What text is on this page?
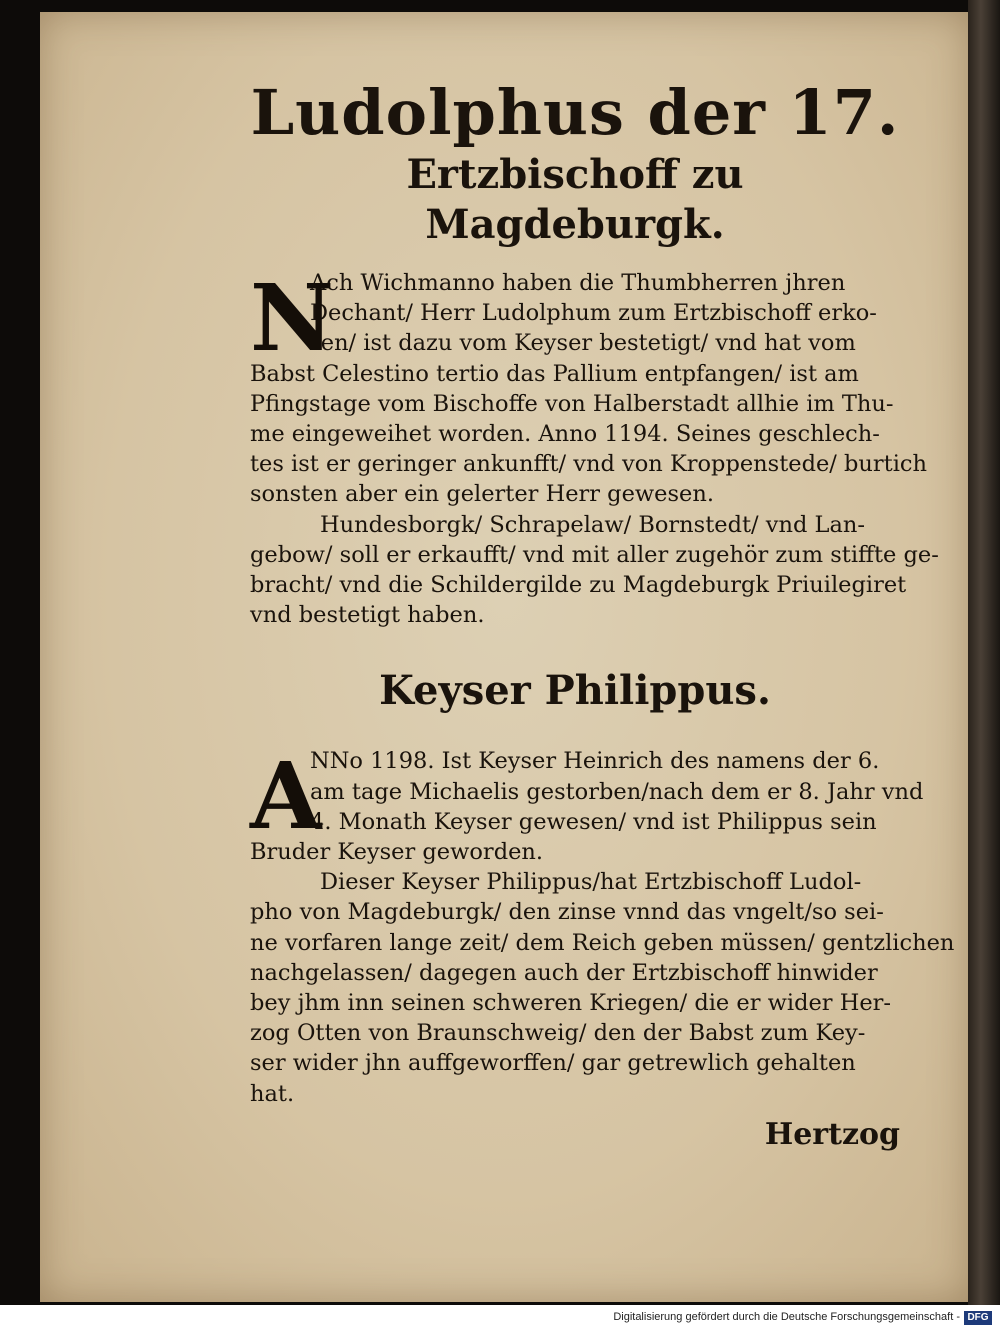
Ludolphus der 17.
Ertzbischoff zu Magdeburgk.
N
Ach Wichmanno haben die Thumbherren jhren
Dechant/ Herr Ludolphum zum Ertzbischoff erko-
ren/ ist dazu vom Keyser bestetigt/ vnd hat vom
Babst Celestino tertio das Pallium entpfangen/ ist am
Pfingstage vom Bischoffe von Halberstadt allhie im Thu-
me eingeweihet worden. Anno 1194. Seines geschlech-
tes ist er geringer ankunfft/ vnd von Kroppenstede/ burtich
sonsten aber ein gelerter Herr gewesen.
Hundesborgk/ Schrapelaw/ Bornstedt/ vnd Lan-
gebow/ soll er erkaufft/ vnd mit aller zugehör zum stiffte ge-
bracht/ vnd die Schildergilde zu Magdeburgk Priuilegiret
vnd bestetigt haben.
Keyser Philippus.
A
NNo 1198. Ist Keyser Heinrich des namens der 6.
am tage Michaelis gestorben/nach dem er 8. Jahr vnd
4. Monath Keyser gewesen/ vnd ist Philippus sein
Bruder Keyser geworden.
Dieser Keyser Philippus/hat Ertzbischoff Ludol-
pho von Magdeburgk/ den zinse vnnd das vngelt/so sei-
ne vorfaren lange zeit/ dem Reich geben müssen/ gentzlichen
nachgelassen/ dagegen auch der Ertzbischoff hinwider
bey jhm inn seinen schweren Kriegen/ die er wider Her-
zog Otten von Braunschweig/ den der Babst zum Key-
ser wider jhn auffgeworffen/ gar getrewlich gehalten
hat.
Hertzog
Digitalisierung gefördert durch die Deutsche Forschungsgemeinschaft - DFG
